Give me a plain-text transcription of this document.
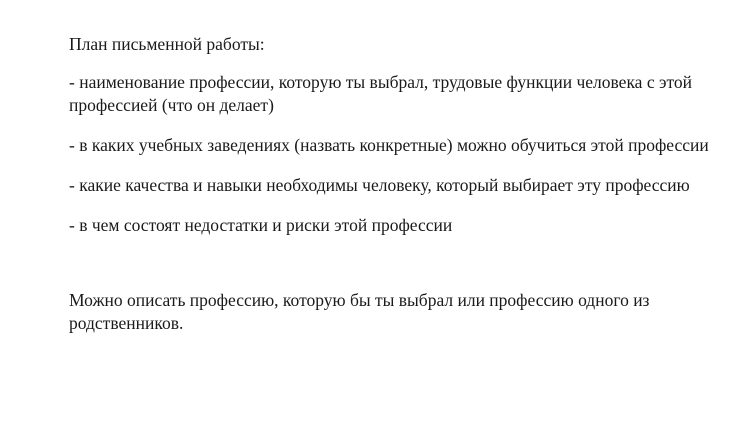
План письменной работы:

- наименование профессии, которую ты выбрал, трудовые функции человека с этой профессией (что он делает)

- в каких учебных заведениях (назвать конкретные) можно обучиться этой профессии

- какие качества и навыки необходимы человеку, который выбирает эту профессию

- в чем состоят недостатки и риски этой профессии

Можно описать профессию, которую бы ты выбрал или профессию одного из родственников.
